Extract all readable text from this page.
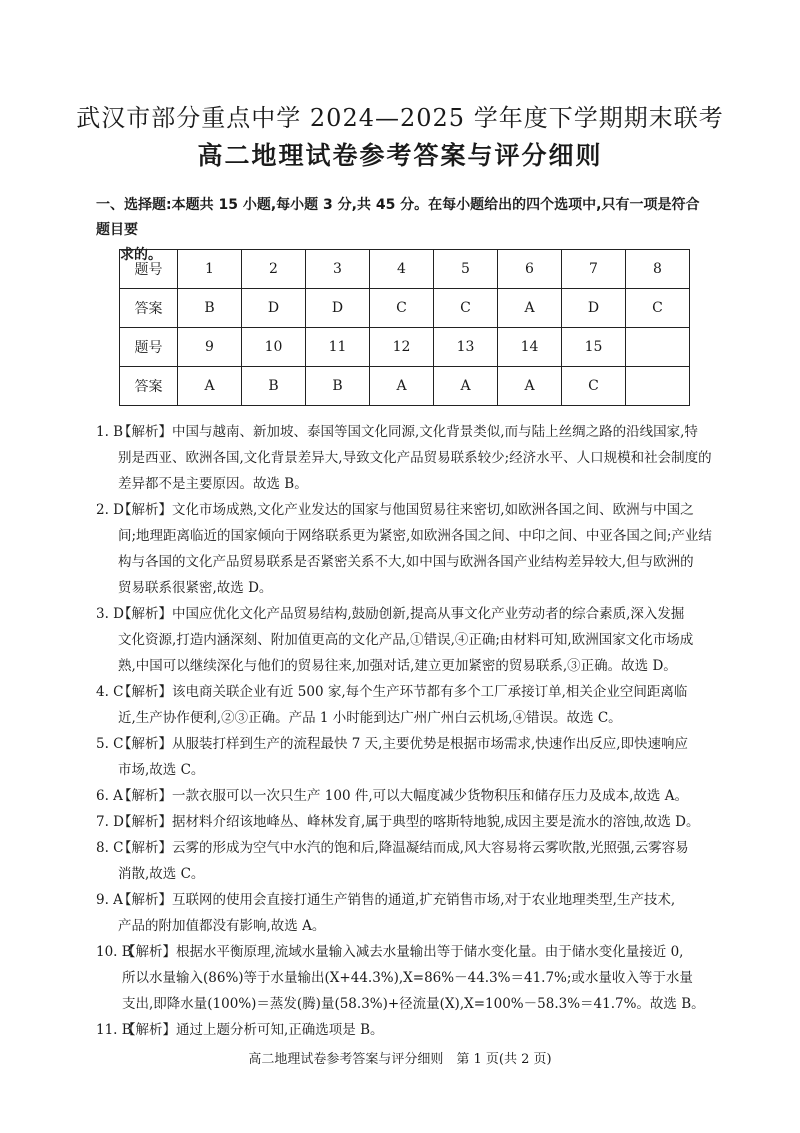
武汉市部分重点中学 2024—2025 学年度下学期期末联考
高二地理试卷参考答案与评分细则
一、选择题:本题共 15 小题,每小题 3 分,共 45 分。在每小题给出的四个选项中,只有一项是符合题目要
求的。
题号	1	2	3	4	5	6	7	8
答案	B	D	D	C	C	A	D	C
题号	9	10	11	12	13	14	15	
答案	A	B	B	A	A	A	C	
1. B
【解析】中国与越南、新加坡、泰国等国文化同源,文化背景类似,而与陆上丝绸之路的沿线国家,特
别是西亚、欧洲各国,文化背景差异大,导致文化产品贸易联系较少;经济水平、人口规模和社会制度的
差异都不是主要原因。故选 B。
2. D
【解析】文化市场成熟,文化产业发达的国家与他国贸易往来密切,如欧洲各国之间、欧洲与中国之
间;地理距离临近的国家倾向于网络联系更为紧密,如欧洲各国之间、中印之间、中亚各国之间;产业结
构与各国的文化产品贸易联系是否紧密关系不大,如中国与欧洲各国产业结构差异较大,但与欧洲的
贸易联系很紧密,故选 D。
3. D
【解析】中国应优化文化产品贸易结构,鼓励创新,提高从事文化产业劳动者的综合素质,深入发掘
文化资源,打造内涵深刻、附加值更高的文化产品,①错误,④正确;由材料可知,欧洲国家文化市场成
熟,中国可以继续深化与他们的贸易往来,加强对话,建立更加紧密的贸易联系,③正确。故选 D。
4. C
【解析】该电商关联企业有近 500 家,每个生产环节都有多个工厂承接订单,相关企业空间距离临
近,生产协作便利,②③正确。产品 1 小时能到达广州广州白云机场,④错误。故选 C。
5. C
【解析】从服装打样到生产的流程最快 7 天,主要优势是根据市场需求,快速作出反应,即快速响应
市场,故选 C。
6. A
【解析】一款衣服可以一次只生产 100 件,可以大幅度减少货物积压和储存压力及成本,故选 A。
7. D
【解析】据材料介绍该地峰丛、峰林发育,属于典型的喀斯特地貌,成因主要是流水的溶蚀,故选 D。
8. C
【解析】云雾的形成为空气中水汽的饱和后,降温凝结而成,风大容易将云雾吹散,光照强,云雾容易
消散,故选 C。
9. A
【解析】互联网的使用会直接打通生产销售的通道,扩充销售市场,对于农业地理类型,生产技术,
产品的附加值都没有影响,故选 A。
10. B
【解析】根据水平衡原理,流域水量输入减去水量输出等于储水变化量。由于储水变化量接近 0,
所以水量输入(86%)等于水量输出(X+44.3%),X=86%－44.3%＝41.7%;或水量收入等于水量
支出,即降水量(100%)＝蒸发(腾)量(58.3%)+径流量(X),X=100%－58.3%＝41.7%。故选 B。
11. B
【解析】通过上题分析可知,正确选项是 B。
高二地理试卷参考答案与评分细则　第 1 页(共 2 页)
